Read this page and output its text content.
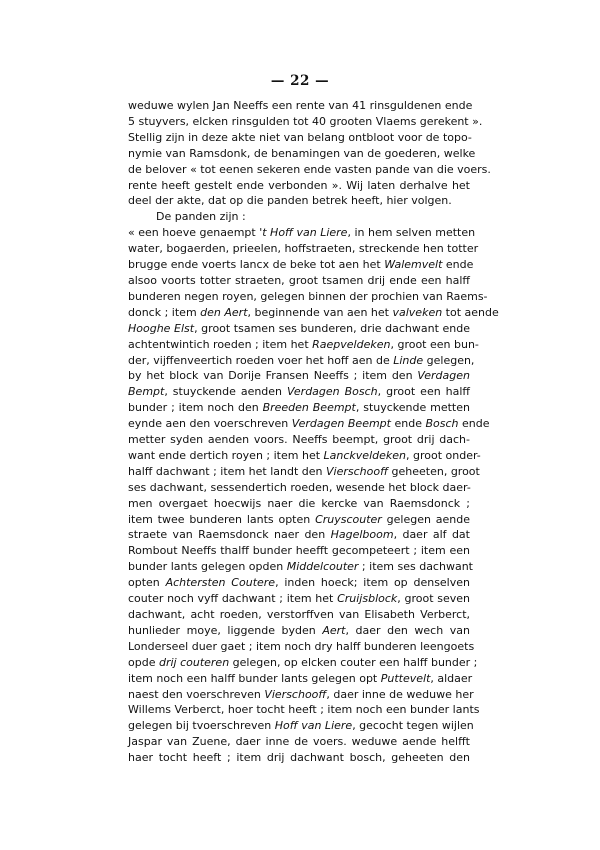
— 22 —
weduwe wylen Jan Neeffs een rente van 41 rinsguldenen ende
5 stuyvers, elcken rinsgulden tot 40 grooten Vlaems gerekent ».
Stellig zijn in deze akte niet van belang ontbloot voor de topo-
nymie van Ramsdonk, de benamingen van de goederen, welke
de belover « tot eenen sekeren ende vasten pande van die voers.
rente heeft gestelt ende verbonden ». Wij laten derhalve het
deel der akte, dat op die panden betrek heeft, hier volgen.
De panden zijn :
« een hoeve genaempt 't Hoff van Liere, in hem selven metten
water, bogaerden, prieelen, hoffstraeten, streckende hen totter
brugge ende voerts lancx de beke tot aen het Walemvelt ende
alsoo voorts totter straeten, groot tsamen drij ende een halff
bunderen negen royen, gelegen binnen der prochien van Raems-
donck ; item den Aert, beginnende van aen het valveken tot aende
Hooghe Elst, groot tsamen ses bunderen, drie dachwant ende
achtentwintich roeden ; item het Raepveldeken, groot een bun-
der, vijffenveertich roeden voer het hoff aen de Linde gelegen,
by het block van Dorije Fransen Neeffs ; item den Verdagen
Bempt, stuyckende aenden Verdagen Bosch, groot een halff
bunder ; item noch den Breeden Beempt, stuyckende metten
eynde aen den voerschreven Verdagen Beempt ende Bosch ende
metter syden aenden voors. Neeffs beempt, groot drij dach-
want ende dertich royen ; item het Lanckveldeken, groot onder-
halff dachwant ; item het landt den Vierschooff geheeten, groot
ses dachwant, sessendertich roeden, wesende het block daer-
men overgaet hoecwijs naer die kercke van Raemsdonck ;
item twee bunderen lants opten Cruyscouter gelegen aende
straete van Raemsdonck naer den Hagelboom, daer alf dat
Rombout Neeffs thalff bunder heefft gecompeteert ; item een
bunder lants gelegen opden Middelcouter ; item ses dachwant
opten Achtersten Coutere, inden hoeck; item op denselven
couter noch vyff dachwant ; item het Cruijsblock, groot seven
dachwant, acht roeden, verstorffven van Elisabeth Verberct,
hunlieder moye, liggende byden Aert, daer den wech van
Londerseel duer gaet ; item noch dry halff bunderen leengoets
opde drij couteren gelegen, op elcken couter een halff bunder ;
item noch een halff bunder lants gelegen opt Puttevelt, aldaer
naest den voerschreven Vierschooff, daer inne de weduwe her
Willems Verberct, hoer tocht heeft ; item noch een bunder lants
gelegen bij tvoerschreven Hoff van Liere, gecocht tegen wijlen
Jaspar van Zuene, daer inne de voers. weduwe aende helfft
haer tocht heeft ; item drij dachwant bosch, geheeten den
